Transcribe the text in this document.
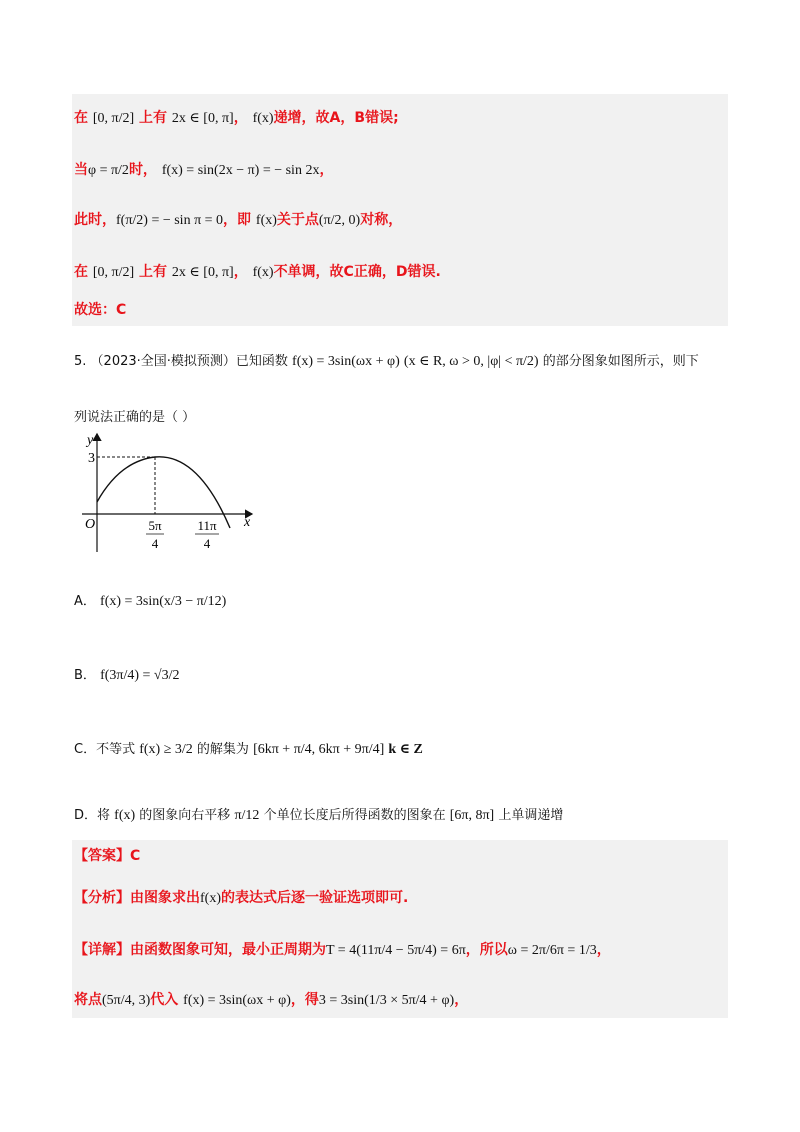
在 [0, π/2] 上有 2x ∈ [0, π]， f(x)递增，故A，B错误;
当φ = π/2时， f(x) = sin(2x − π) = − sin 2x，
此时，f(π/2) = − sin π = 0，即 f(x)关于点(π/2, 0)对称，
在 [0, π/2] 上有 2x ∈ [0, π]， f(x)不单调，故C正确，D错误.
故选：C
5. （2023·全国·模拟预测）已知函数 f(x) = 3sin(ωx + φ) (x ∈ R, ω > 0, |φ| < π/2) 的部分图象如图所示，则下
列说法正确的是（ ）
y
x
O
3
5π
4
11π
4
A． f(x) = 3sin(x/3 − π/12)
B． f(3π/4) = √3/2
C．不等式 f(x) ≥ 3/2 的解集为 [6kπ + π/4, 6kπ + 9π/4] k ∈ Z
D．将 f(x) 的图象向右平移 π/12 个单位长度后所得函数的图象在 [6π, 8π] 上单调递增
【答案】C
【分析】由图象求出f(x)的表达式后逐一验证选项即可.
【详解】由函数图象可知，最小正周期为T = 4(11π/4 − 5π/4) = 6π，所以ω = 2π/6π = 1/3，
将点(5π/4, 3)代入 f(x) = 3sin(ωx + φ)，得3 = 3sin(1/3 × 5π/4 + φ)，
